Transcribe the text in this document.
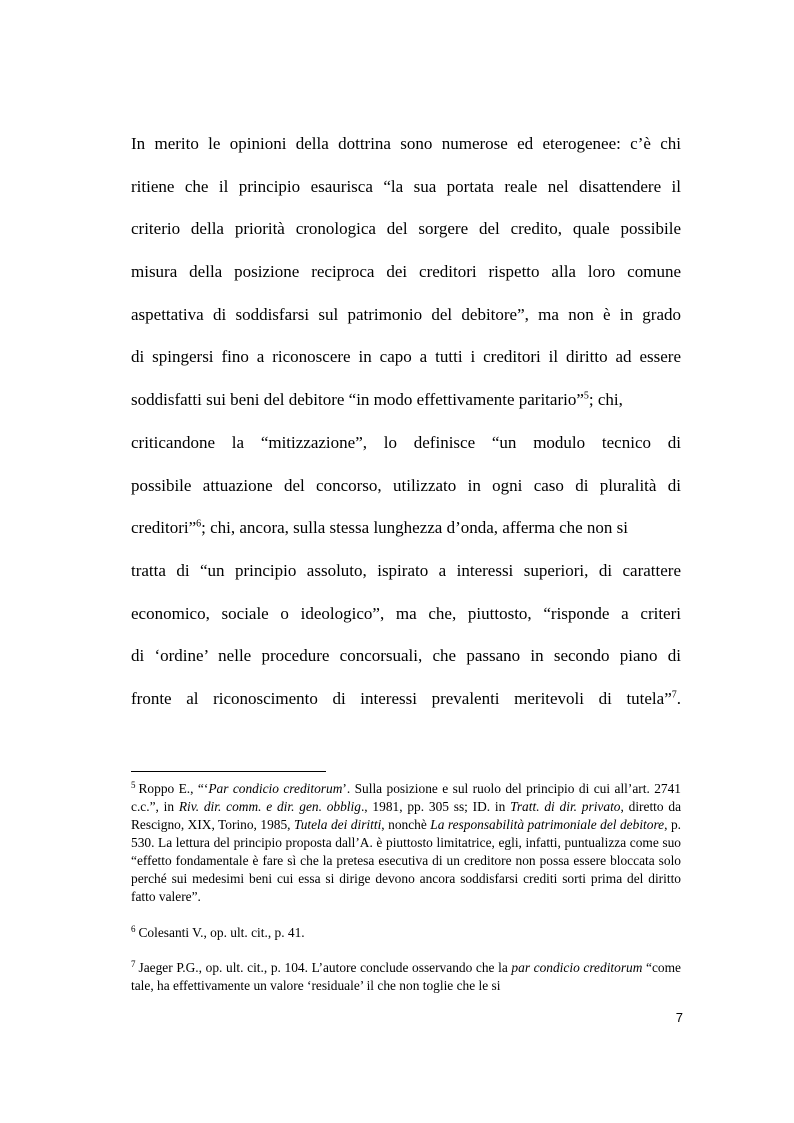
In merito le opinioni della dottrina sono numerose ed eterogenee: c’è chi
ritiene che il principio esaurisca “la sua portata reale nel disattendere il
criterio della priorità cronologica del sorgere del credito, quale possibile
misura della posizione reciproca dei creditori rispetto alla loro comune
aspettativa di soddisfarsi sul patrimonio del debitore”, ma non è in grado
di spingersi fino a riconoscere in capo a tutti i creditori il diritto ad essere
soddisfatti sui beni del debitore “in modo effettivamente paritario”$^5$; chi,
criticandone la “mitizzazione”, lo definisce “un modulo tecnico di
possibile attuazione del concorso, utilizzato in ogni caso di pluralità di
creditori”$^6$; chi, ancora, sulla stessa lunghezza d’onda, afferma che non si
tratta di “un principio assoluto, ispirato a interessi superiori, di carattere
economico, sociale o ideologico”, ma che, piuttosto, “risponde a criteri
di ‘ordine’ nelle procedure concorsuali, che passano in secondo piano di
fronte al riconoscimento di interessi prevalenti meritevoli di tutela”$^7$.

$^5$ Roppo E., “‘Par condicio creditorum’. Sulla posizione e sul ruolo del principio di cui all’art. 2741 c.c.”, in Riv. dir. comm. e dir. gen. obblig., 1981, pp. 305 ss; ID. in Tratt. di dir. privato, diretto da Rescigno, XIX, Torino, 1985, Tutela dei diritti, nonchè La responsabilità patrimoniale del debitore, p. 530. La lettura del principio proposta dall’A. è piuttosto limitatrice, egli, infatti, puntualizza come suo “effetto fondamentale è fare sì che la pretesa esecutiva di un creditore non possa essere bloccata solo perché sui medesimi beni cui essa si dirige devono ancora soddisfarsi crediti sorti prima del diritto fatto valere”.

$^6$ Colesanti V., op. ult. cit., p. 41.

$^7$ Jaeger P.G., op. ult. cit., p. 104. L’autore conclude osservando che la par condicio creditorum “come tale, ha effettivamente un valore ‘residuale’ il che non toglie che le si

7
